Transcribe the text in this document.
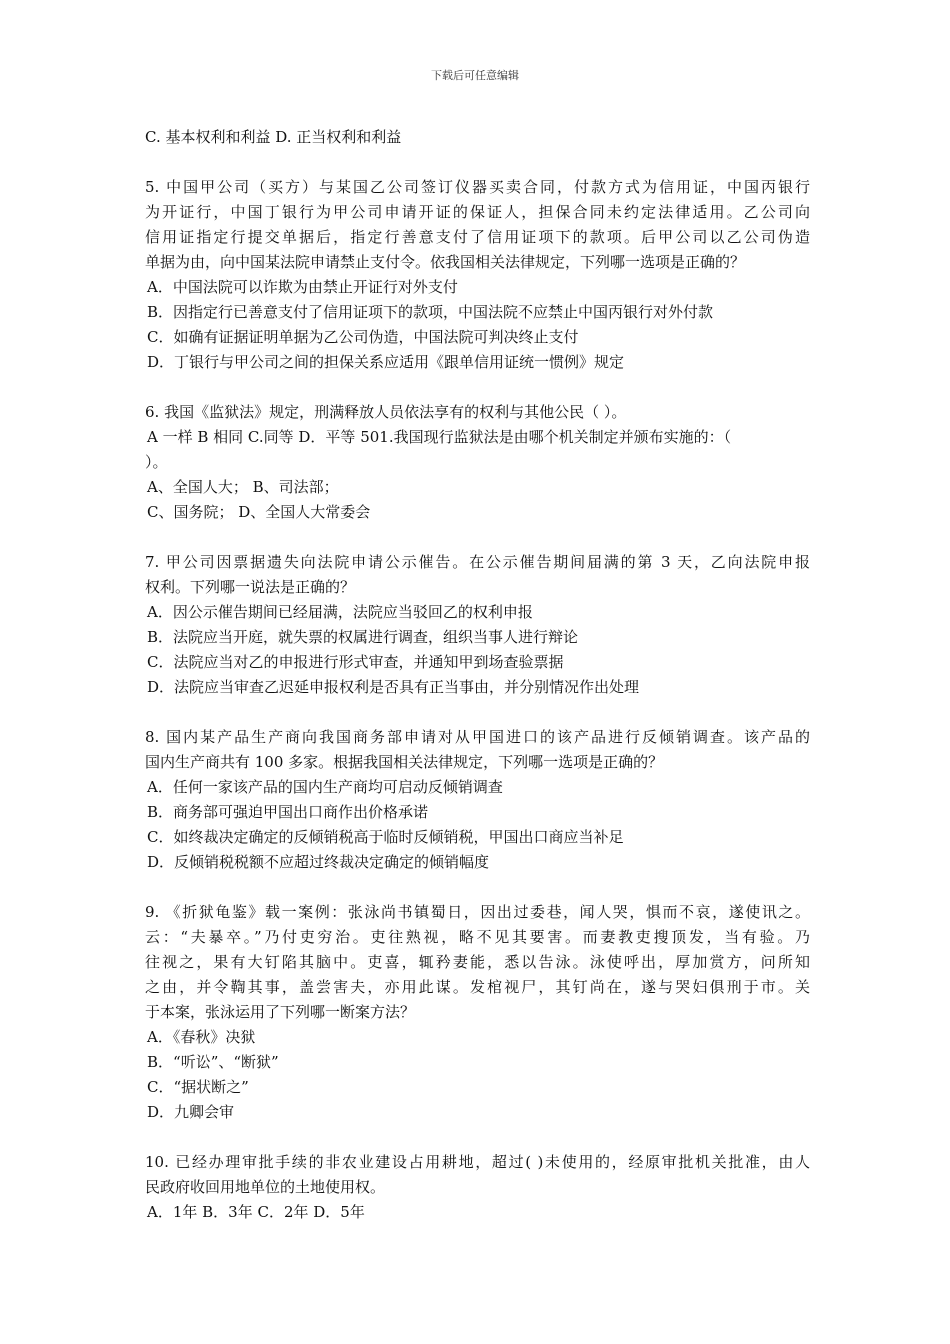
下载后可任意编辑
C. 基本权利和利益 D. 正当权利和利益
5. 中国甲公司（买方）与某国乙公司签订仪器买卖合同，付款方式为信用证，中国丙银行
为开证行，中国丁银行为甲公司申请开证的保证人，担保合同未约定法律适用。乙公司向
信用证指定行提交单据后，指定行善意支付了信用证项下的款项。后甲公司以乙公司伪造
单据为由，向中国某法院申请禁止支付令。依我国相关法律规定，下列哪一选项是正确的？
A．中国法院可以诈欺为由禁止开证行对外支付
B．因指定行已善意支付了信用证项下的款项，中国法院不应禁止中国丙银行对外付款
C．如确有证据证明单据为乙公司伪造，中国法院可判决终止支付
D．丁银行与甲公司之间的担保关系应适用《跟单信用证统一惯例》规定
6. 我国《监狱法》规定，刑满释放人员依法享有的权利与其他公民（ ）。
A 一样 B 相同 C.同等 D．平等 501.我国现行监狱法是由哪个机关制定并颁布实施的：（
）。
A、全国人大； B、司法部；
C、国务院； D、全国人大常委会
7. 甲公司因票据遗失向法院申请公示催告。在公示催告期间届满的第 3 天，乙向法院申报
权利。下列哪一说法是正确的？
A．因公示催告期间已经届满，法院应当驳回乙的权利申报
B．法院应当开庭，就失票的权属进行调查，组织当事人进行辩论
C．法院应当对乙的申报进行形式审查，并通知甲到场查验票据
D．法院应当审查乙迟延申报权利是否具有正当事由，并分别情况作出处理
8. 国内某产品生产商向我国商务部申请对从甲国进口的该产品进行反倾销调查。该产品的
国内生产商共有 100 多家。根据我国相关法律规定，下列哪一选项是正确的？
A．任何一家该产品的国内生产商均可启动反倾销调查
B．商务部可强迫甲国出口商作出价格承诺
C．如终裁决定确定的反倾销税高于临时反倾销税，甲国出口商应当补足
D．反倾销税税额不应超过终裁决定确定的倾销幅度
9. 《折狱龟鉴》载一案例：张泳尚书镇蜀日，因出过委巷，闻人哭，惧而不哀，遂使讯之。
云：“夫暴卒。”乃付吏穷治。吏往熟视，略不见其要害。而妻教吏搜顶发，当有验。乃
往视之，果有大钉陷其脑中。吏喜，辄矜妻能，悉以告泳。泳使呼出，厚加赏方，问所知
之由，并令鞫其事，盖尝害夫，亦用此谋。发棺视尸，其钉尚在，遂与哭妇俱刑于市。关
于本案，张泳运用了下列哪一断案方法？
A．《春秋》决狱
B．“听讼”、“断狱”
C．“据状断之”
D．九卿会审
10. 已经办理审批手续的非农业建设占用耕地，超过( )未使用的，经原审批机关批准，由人
民政府收回用地单位的土地使用权。
A．1年 B．3年 C．2年 D．5年
